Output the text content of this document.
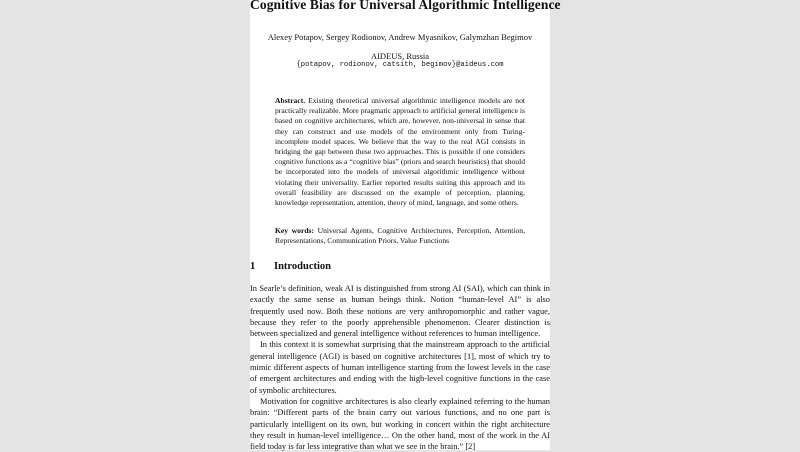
Cognitive Bias for Universal Algorithmic Intelligence
Alexey Potapov, Sergey Rodionov, Andrew Myasnikov, Galymzhan Begimov
AIDEUS, Russia
{potapov, rodionov, catsith, begimov}@aideus.com
Abstract. Existing theoretical universal algorithmic intelligence models are not practically realizable. More pragmatic approach to artificial general intelligence is based on cognitive architectures, which are, however, non-universal in sense that they can construct and use models of the environment only from Turing-incomplete model spaces. We believe that the way to the real AGI consists in bridging the gap between these two approaches. This is possible if one considers cognitive functions as a “cognitive bias” (priors and search heuristics) that should be incorporated into the models of universal algorithmic intelligence without violating their universality. Earlier reported results suiting this approach and its overall feasibility are discussed on the example of perception, planning, knowledge representation, attention, theory of mind, language, and some others.
Key words: Universal Agents, Cognitive Architectures, Perception, Attention, Representations, Communication Priors, Value Functions
1 Introduction

In Searle’s definition, weak AI is distinguished from strong AI (SAI), which can think in exactly the same sense as human beings think. Notion “human-level AI” is also frequently used now. Both these notions are very anthropomorphic and rather vague, because they refer to the poorly apprehensible phenomenon. Clearer distinction is between specialized and general intelligence without references to human intelligence.

In this context it is somewhat surprising that the mainstream approach to the artificial general intelligence (AGI) is based on cognitive architectures [1], most of which try to mimic different aspects of human intelligence starting from the lowest levels in the case of emergent architectures and ending with the high-level cognitive functions in the case of symbolic architectures.

Motivation for cognitive architectures is also clearly explained referring to the human brain: “Different parts of the brain carry out various functions, and no one part is particularly intelligent on its own, but working in concert within the right architecture they result in human-level intelligence… On the other hand, most of the work in the AI field today is far less integrative than what we see in the brain.” [2]
